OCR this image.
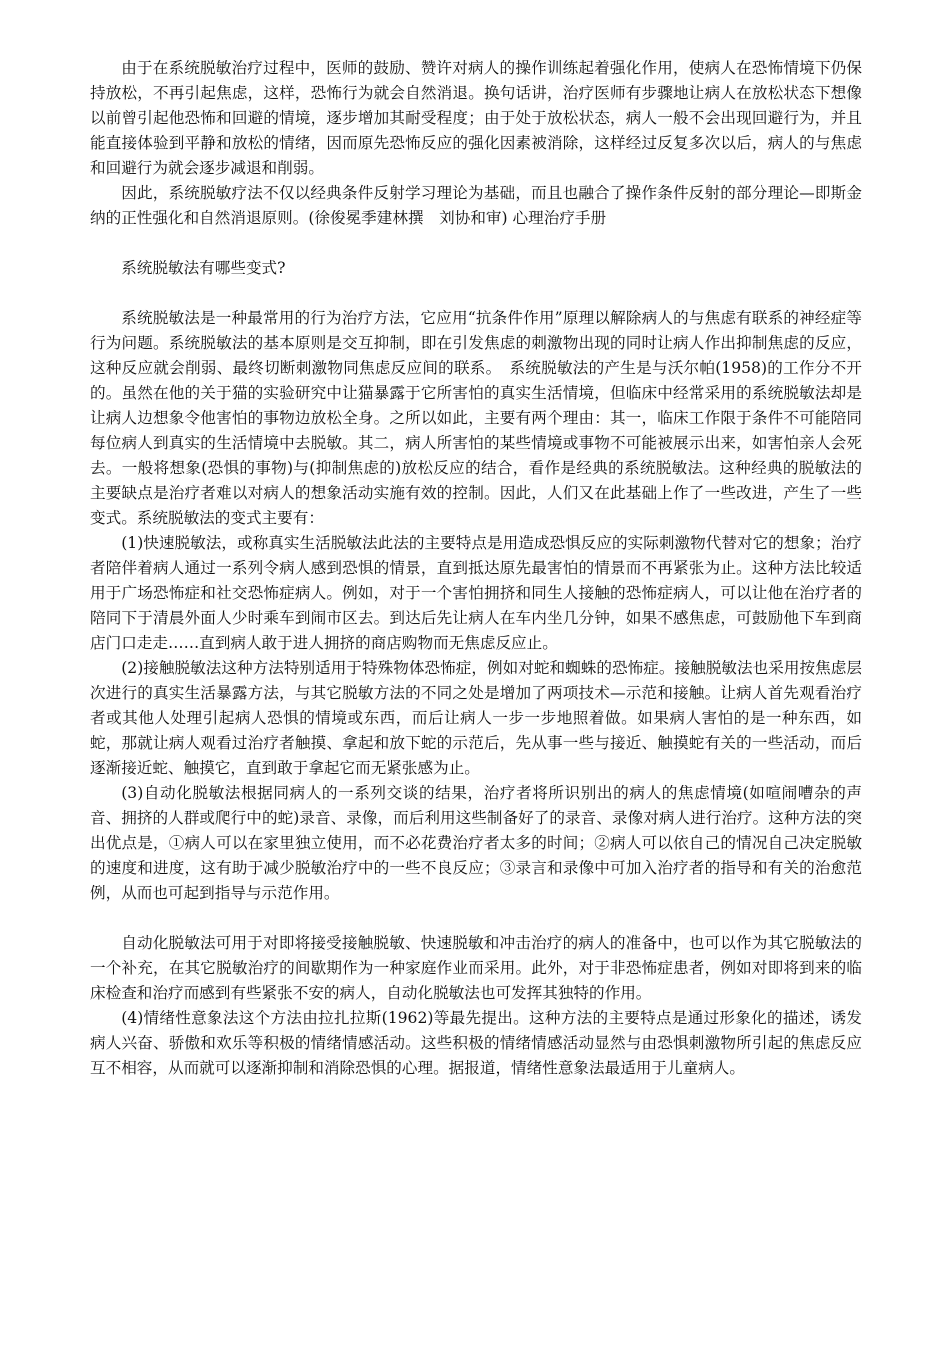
由于在系统脱敏治疗过程中，医师的鼓励、赞许对病人的操作训练起着强化作用，使病人在恐怖情境下仍保持放松，不再引起焦虑，这样，恐怖行为就会自然消退。换句话讲，治疗医师有步骤地让病人在放松状态下想像以前曾引起他恐怖和回避的情境，逐步增加其耐受程度；由于处于放松状态，病人一般不会出现回避行为，并且能直接体验到平静和放松的情绪，因而原先恐怖反应的强化因素被消除，这样经过反复多次以后，病人的与焦虑和回避行为就会逐步减退和削弱。

因此，系统脱敏疗法不仅以经典条件反射学习理论为基础，而且也融合了操作条件反射的部分理论—即斯金纳的正性强化和自然消退原则。(徐俊冕季建林撰　刘协和审) 心理治疗手册

系统脱敏法有哪些变式?

系统脱敏法是一种最常用的行为治疗方法，它应用“抗条件作用”原理以解除病人的与焦虑有联系的神经症等行为问题。系统脱敏法的基本原则是交互抑制，即在引发焦虑的刺激物出现的同时让病人作出抑制焦虑的反应，这种反应就会削弱、最终切断刺激物同焦虑反应间的联系。　系统脱敏法的产生是与沃尔帕(1958)的工作分不开的。虽然在他的关于猫的实验研究中让猫暴露于它所害怕的真实生活情境，但临床中经常采用的系统脱敏法却是让病人边想象令他害怕的事物边放松全身。之所以如此，主要有两个理由：其一，临床工作限于条件不可能陪同每位病人到真实的生活情境中去脱敏。其二，病人所害怕的某些情境或事物不可能被展示出来，如害怕亲人会死去。一般将想象(恐惧的事物)与(抑制焦虑的)放松反应的结合，看作是经典的系统脱敏法。这种经典的脱敏法的主要缺点是治疗者难以对病人的想象活动实施有效的控制。因此，人们又在此基础上作了一些改进，产生了一些变式。系统脱敏法的变式主要有：

(1)快速脱敏法，或称真实生活脱敏法此法的主要特点是用造成恐惧反应的实际刺激物代替对它的想象；治疗者陪伴着病人通过一系列令病人感到恐惧的情景，直到抵达原先最害怕的情景而不再紧张为止。这种方法比较适用于广场恐怖症和社交恐怖症病人。例如，对于一个害怕拥挤和同生人接触的恐怖症病人，可以让他在治疗者的陪同下于清晨外面人少时乘车到闹市区去。到达后先让病人在车内坐几分钟，如果不感焦虑，可鼓励他下车到商店门口走走……直到病人敢于进人拥挤的商店购物而无焦虑反应止。

(2)接触脱敏法这种方法特别适用于特殊物体恐怖症，例如对蛇和蜘蛛的恐怖症。接触脱敏法也采用按焦虑层次进行的真实生活暴露方法，与其它脱敏方法的不同之处是增加了两项技术—示范和接触。让病人首先观看治疗者或其他人处理引起病人恐惧的情境或东西，而后让病人一步一步地照着做。如果病人害怕的是一种东西，如蛇，那就让病人观看过治疗者触摸、拿起和放下蛇的示范后，先从事一些与接近、触摸蛇有关的一些活动，而后逐渐接近蛇、触摸它，直到敢于拿起它而无紧张感为止。

(3)自动化脱敏法根据同病人的一系列交谈的结果，治疗者将所识别出的病人的焦虑情境(如喧闹嘈杂的声音、拥挤的人群或爬行中的蛇)录音、录像，而后利用这些制备好了的录音、录像对病人进行治疗。这种方法的突出优点是，①病人可以在家里独立使用，而不必花费治疗者太多的时间；②病人可以依自己的情况自己决定脱敏的速度和进度，这有助于减少脱敏治疗中的一些不良反应；③录言和录像中可加入治疗者的指导和有关的治愈范例，从而也可起到指导与示范作用。

自动化脱敏法可用于对即将接受接触脱敏、快速脱敏和冲击治疗的病人的准备中，也可以作为其它脱敏法的一个补充，在其它脱敏治疗的间歇期作为一种家庭作业而采用。此外，对于非恐怖症患者，例如对即将到来的临床检查和治疗而感到有些紧张不安的病人，自动化脱敏法也可发挥其独特的作用。

(4)情绪性意象法这个方法由拉扎拉斯(1962)等最先提出。这种方法的主要特点是通过形象化的描述，诱发病人兴奋、骄傲和欢乐等积极的情绪情感活动。这些积极的情绪情感活动显然与由恐惧刺激物所引起的焦虑反应互不相容，从而就可以逐渐抑制和消除恐惧的心理。据报道，情绪性意象法最适用于儿童病人。
